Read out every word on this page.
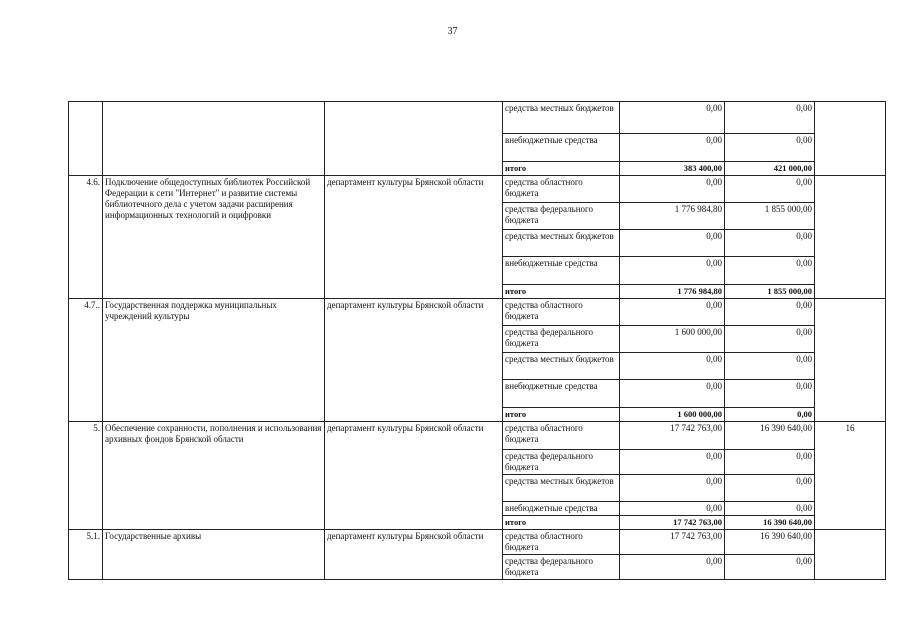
37
			средства местных бюджетов	0,00	0,00	
			внебюджетные средства	0,00	0,00	
			итого	383 400,00	421 000,00	
4.6.	Подключение общедоступных библиотек Российской Федерации к сети "Интернет" и развитие системы библиотечного дела с учетом задачи расширения информационных технологий и оцифровки	департамент культуры Брянской области	средства областного бюджета	0,00	0,00	
			средства федерального бюджета	1 776 984,80	1 855 000,00	
			средства местных бюджетов	0,00	0,00	
			внебюджетные средства	0,00	0,00	
			итого	1 776 984,80	1 855 000,00	
4.7..	Государственная поддержка муниципальных учреждений культуры	департамент культуры Брянской области	средства областного бюджета	0,00	0,00	
			средства федерального бюджета	1 600 000,00	0,00	
			средства местных бюджетов	0,00	0,00	
			внебюджетные средства	0,00	0,00	
			итого	1 600 000,00	0,00	
5.	Обеспечение сохранности, пополнения и использования архивных фондов Брянской области	департамент культуры Брянской области	средства областного бюджета	17 742 763,00	16 390 640,00	16
			средства федерального бюджета	0,00	0,00	
			средства местных бюджетов	0,00	0,00	
			внебюджетные средства	0,00	0,00	
			итого	17 742 763,00	16 390 640,00	
5.1.	Государственные архивы	департамент культуры Брянской области	средства областного бюджета	17 742 763,00	16 390 640,00	
			средства федерального бюджета	0,00	0,00	
